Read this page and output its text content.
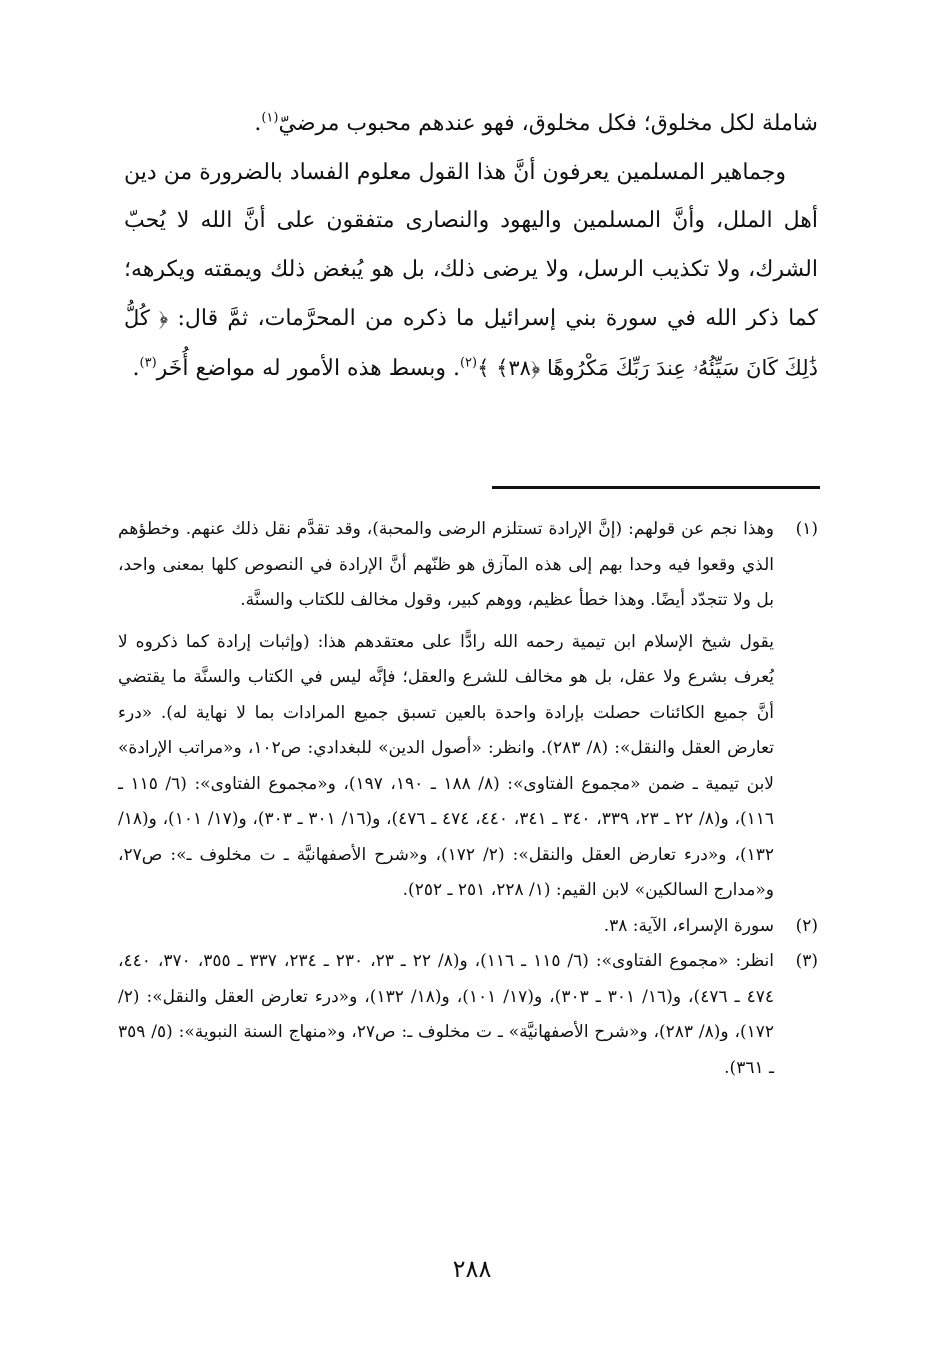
شاملة لكل مخلوق؛ فكل مخلوق، فهو عندهم محبوب مرضيّ$^{(١)}$.

وجماهير المسلمين يعرفون أنَّ هذا القول معلوم الفساد بالضرورة من دين أهل الملل، وأنَّ المسلمين واليهود والنصارى متفقون على أنَّ الله لا يُحبّ الشرك، ولا تكذيب الرسل، ولا يرضى ذلك، بل هو يُبغض ذلك ويمقته ويكرهه؛ كما ذكر الله في سورة بني إسرائيل ما ذكره من المحرَّمات، ثمَّ قال: ﴿ كُلُّ ذَٰلِكَ كَانَ سَيِّئُهُۥ عِندَ رَبِّكَ مَكْرُوهًا ﴿٣٨﴾ ﴾$^{(٢)}$. وبسط هذه الأمور له مواضع أُخَر$^{(٣)}$.

(١)

وهذا نجم عن قولهم: (إنَّ الإرادة تستلزم الرضى والمحبة)، وقد تقدَّم نقل ذلك عنهم. وخطؤهم الذي وقعوا فيه وحدا بهم إلى هذه المآزق هو ظنّهم أنَّ الإرادة في النصوص كلها بمعنى واحد، بل ولا تتجدّد أيضًا. وهذا خطأ عظيم، ووهم كبير، وقول مخالف للكتاب والسنَّة.

يقول شيخ الإسلام ابن تيمية رحمه الله رادًّا على معتقدهم هذا: (وإثبات إرادة كما ذكروه لا يُعرف بشرع ولا عقل، بل هو مخالف للشرع والعقل؛ فإنَّه ليس في الكتاب والسنَّة ما يقتضي أنَّ جميع الكائنات حصلت بإرادة واحدة بالعين تسبق جميع المرادات بما لا نهاية له). «درء تعارض العقل والنقل»: (٨/ ٢٨٣). وانظر: «أصول الدين» للبغدادي: ص١٠٢، و«مراتب الإرادة» لابن تيمية ـ ضمن «مجموع الفتاوى»: (٨/ ١٨٨ ـ ١٩٠، ١٩٧)، و«مجموع الفتاوى»: (٦/ ١١٥ ـ ١١٦)، و(٨/ ٢٢ ـ ٢٣، ٣٣٩، ٣٤٠ ـ ٣٤١، ٤٤٠، ٤٧٤ ـ ٤٧٦)، و(١٦/ ٣٠١ ـ ٣٠٣)، و(١٧/ ١٠١)، و(١٨/ ١٣٢)، و«درء تعارض العقل والنقل»: (٢/ ١٧٢)، و«شرح الأصفهانيَّة ـ ت مخلوف ـ»: ص٢٧، و«مدارج السالكين» لابن القيم: (١/ ٢٢٨، ٢٥١ ـ ٢٥٢).

(٢)
سورة الإسراء، الآية: ٣٨.
(٣)
انظر: «مجموع الفتاوى»: (٦/ ١١٥ ـ ١١٦)، و(٨/ ٢٢ ـ ٢٣، ٢٣٠ ـ ٢٣٤، ٣٣٧ ـ ٣٥٥، ٣٧٠، ٤٤٠، ٤٧٤ ـ ٤٧٦)، و(١٦/ ٣٠١ ـ ٣٠٣)، و(١٧/ ١٠١)، و(١٨/ ١٣٢)، و«درء تعارض العقل والنقل»: (٢/ ١٧٢)، و(٨/ ٢٨٣)، و«شرح الأصفهانيَّة» ـ ت مخلوف ـ: ص٢٧، و«منهاج السنة النبوية»: (٥/ ٣٥٩ ـ ٣٦١).
٢٨٨
